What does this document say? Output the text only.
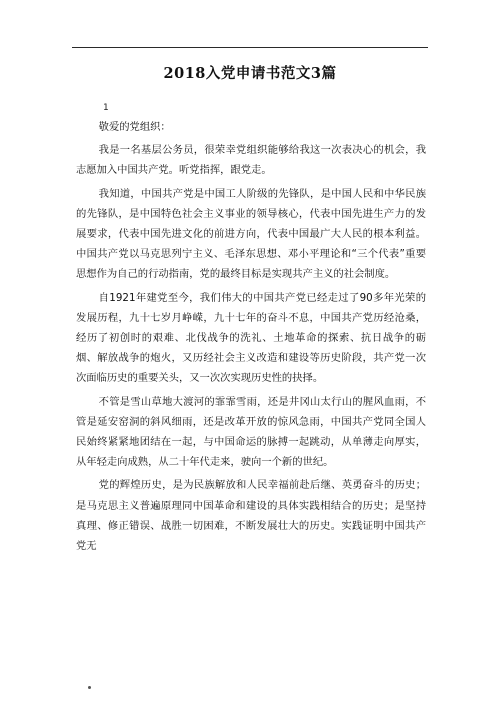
2018入党申请书范文3篇
1

敬爱的党组织：

我是一名基层公务员，很荣幸党组织能够给我这一次表决心的机会，我志愿加入中国共产党。听党指挥，跟党走。

我知道，中国共产党是中国工人阶级的先锋队，是中国人民和中华民族的先锋队，是中国特色社会主义事业的领导核心，代表中国先进生产力的发展要求，代表中国先进文化的前进方向，代表中国最广大人民的根本利益。中国共产党以马克思列宁主义、毛泽东思想、邓小平理论和“三个代表”重要思想作为自己的行动指南，党的最终目标是实现共产主义的社会制度。

自1921年建党至今，我们伟大的中国共产党已经走过了90多年光荣的发展历程，九十七岁月峥嵘，九十七年的奋斗不息，中国共产党历经沧桑，经历了初创时的艰难、北伐战争的洗礼、土地革命的探索、抗日战争的砺烟、解放战争的炮火，又历经社会主义改造和建设等历史阶段，共产党一次次面临历史的重要关头，又一次次实现历史性的抉择。

不管是雪山草地大渡河的霏霏雪雨，还是井冈山太行山的腥风血雨，不管是延安窑洞的斜风细雨，还是改革开放的惊风急雨，中国共产党同全国人民始终紧紧地团结在一起，与中国命运的脉搏一起跳动，从单薄走向厚实，从年轻走向成熟，从二十年代走来，驶向一个新的世纪。

党的辉煌历史，是为民族解放和人民幸福前赴后继、英勇奋斗的历史；是马克思主义普遍原理同中国革命和建设的具体实践相结合的历史；是坚持真理、修正错误、战胜一切困难，不断发展壮大的历史。实践证明中国共产党无
